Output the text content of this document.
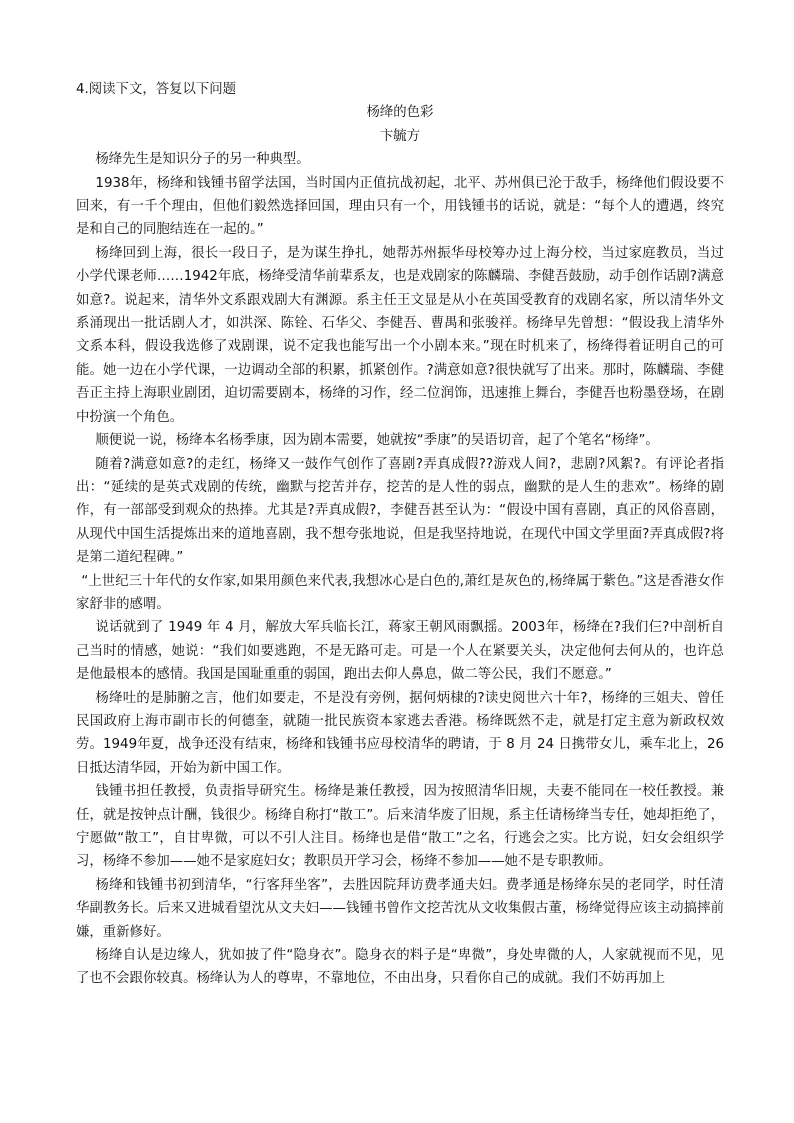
4.阅读下文，答复以下问题

杨绛的色彩

卞毓方

杨绛先生是知识分子的另一种典型。

1938年，杨绛和钱锺书留学法国，当时国内正值抗战初起，北平、苏州俱已沦于敌手，杨绛他们假设要不回来，有一千个理由，但他们毅然选择回国，理由只有一个，用钱锺书的话说，就是：“每个人的遭遇，终究是和自己的同胞结连在一起的。”

杨绛回到上海，很长一段日子，是为谋生挣扎，她帮苏州振华母校筹办过上海分校，当过家庭教员，当过小学代课老师……1942年底，杨绛受清华前辈系友，也是戏剧家的陈麟瑞、李健吾鼓励，动手创作话剧?满意如意?。说起来，清华外文系跟戏剧大有渊源。系主任王文显是从小在英国受教育的戏剧名家，所以清华外文系涌现出一批话剧人才，如洪深、陈铨、石华父、李健吾、曹禺和张骏祥。杨绛早先曾想：“假设我上清华外文系本科，假设我选修了戏剧课，说不定我也能写出一个小剧本来。”现在时机来了，杨绛得着证明自己的可能。她一边在小学代课，一边调动全部的积累，抓紧创作。?满意如意?很快就写了出来。那时，陈麟瑞、李健吾正主持上海职业剧团，迫切需要剧本，杨绛的习作，经二位润饰，迅速推上舞台，李健吾也粉墨登场，在剧中扮演一个角色。

顺便说一说，杨绛本名杨季康，因为剧本需要，她就按“季康”的吴语切音，起了个笔名“杨绛”。

随着?满意如意?的走红，杨绛又一鼓作气创作了喜剧?弄真成假??游戏人间?，悲剧?风絮?。有评论者指出：“延续的是英式戏剧的传统，幽默与挖苦并存，挖苦的是人性的弱点，幽默的是人生的悲欢”。杨绛的剧作，有一部部受到观众的热捧。尤其是?弄真成假?，李健吾甚至认为：“假设中国有喜剧，真正的风俗喜剧，从现代中国生活提炼出来的道地喜剧，我不想夸张地说，但是我坚持地说，在现代中国文学里面?弄真成假?将是第二道纪程碑。”

“上世纪三十年代的女作家,如果用颜色来代表,我想冰心是白色的,萧红是灰色的,杨绛属于紫色。”这是香港女作家舒非的感喟。

说话就到了 1949 年 4 月，解放大军兵临长江，蒋家王朝风雨飘摇。2003年，杨绛在?我们仨?中剖析自己当时的情感，她说：“我们如要逃跑，不是无路可走。可是一个人在紧要关头，决定他何去何从的，也许总是他最根本的感情。我国是国耻重重的弱国，跑出去仰人鼻息，做二等公民，我们不愿意。”

杨绛吐的是肺腑之言，他们如要走，不是没有旁例，据何炳棣的?读史阅世六十年?，杨绛的三姐夫、曾任民国政府上海市副市长的何德奎，就随一批民族资本家逃去香港。杨绛既然不走，就是打定主意为新政权效劳。1949年夏，战争还没有结束，杨绛和钱锺书应母校清华的聘请，于 8 月 24 日携带女儿，乘车北上，26 日抵达清华园，开始为新中国工作。

钱锺书担任教授，负责指导研究生。杨绛是兼任教授，因为按照清华旧规，夫妻不能同在一校任教授。兼任，就是按钟点计酬，钱很少。杨绛自称打“散工”。后来清华废了旧规，系主任请杨绛当专任，她却拒绝了，宁愿做“散工”，自甘卑微，可以不引人注目。杨绛也是借“散工”之名，行逃会之实。比方说，妇女会组织学习，杨绛不参加——她不是家庭妇女；教职员开学习会，杨绛不参加——她不是专职教师。

杨绛和钱锺书初到清华，“行客拜坐客”，去胜因院拜访费孝通夫妇。费孝通是杨绛东吴的老同学，时任清华副教务长。后来又进城看望沈从文夫妇——钱锺书曾作文挖苦沈从文收集假古董，杨绛觉得应该主动搞摔前嫌，重新修好。

杨绛自认是边缘人，犹如披了件“隐身衣”。隐身衣的料子是“卑微”，身处卑微的人，人家就视而不见，见了也不会跟你较真。杨绛认为人的尊卑，不靠地位，不由出身，只看你自己的成就。我们不妨再加上
